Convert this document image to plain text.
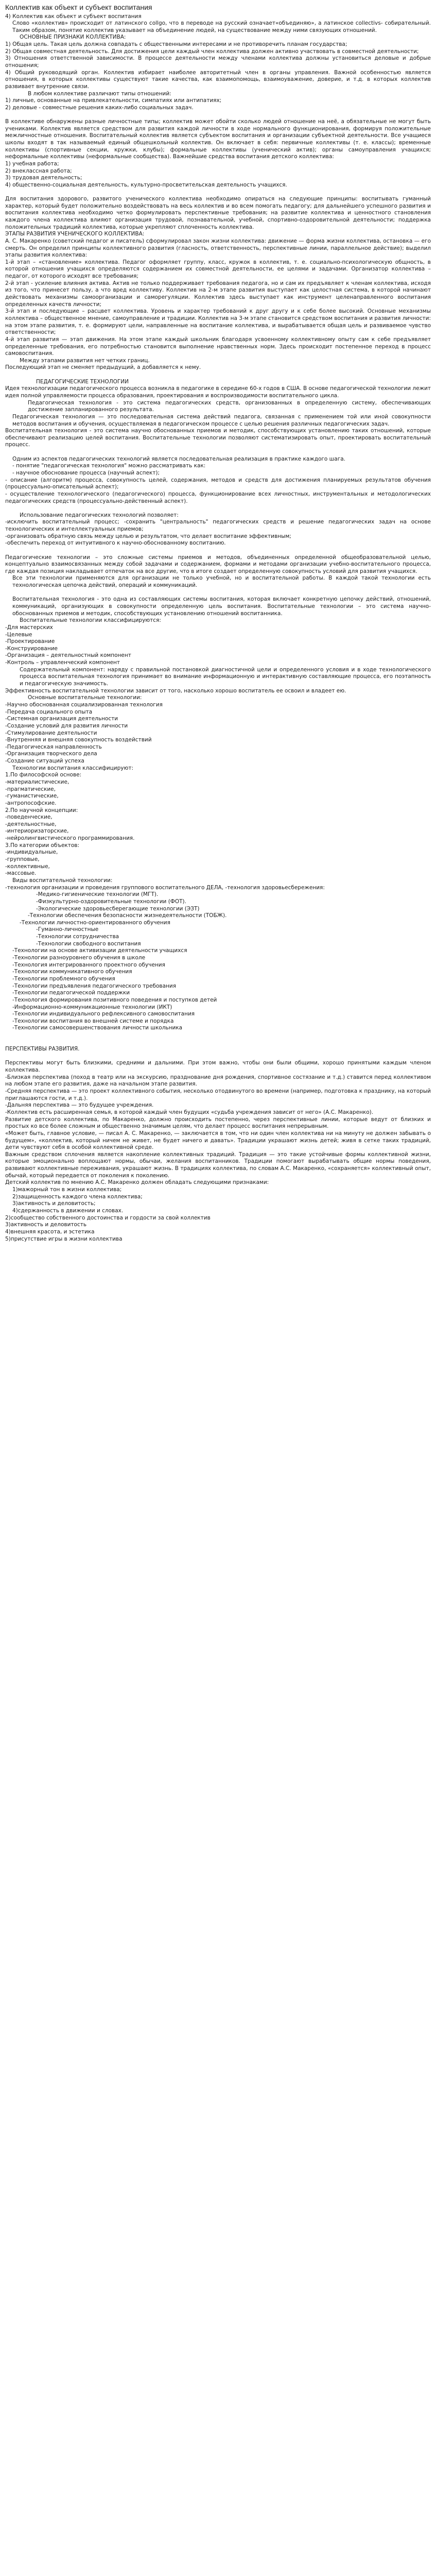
Коллектив как объект и субъект воспитания
4) Коллектив как объект и субъект воспитания
Слово «коллектив» происходит от латинского collgo, что в переводе на русский означает«объединяю», а латинское collectivs- собирательный. Таким образом, понятие коллектив указывает на объединение людей, на существование между ними связующих отношений.
ОСНОВНЫЕ ПРИЗНАКИ КОЛЛЕКТИВА:
1) Общая цель. Такая цель должна совпадать с общественными интересами и не противоречить планам государства;
2) Общая совместная деятельность. Для достижения цели каждый член коллектива должен активно участвовать в совместной деятельности;
3) Отношения ответственной зависимости. В процессе деятельности между членами коллектива должны установиться деловые и добрые отношения;
4) Общий руководящий орган. Коллектив избирает наиболее авторитетный член в органы управления. Важной особенностью является отношения, в которых коллективы существуют такие качества, как взаимопомощь, взаимоуважение, доверие, и т.д. в которых коллектив развивает внутренние связи.
В любом коллективе различают типы отношений:
1) личные, основанные на привлекательности, симпатиях или антипатиях;
2) деловые - совместные решения каких-либо социальных задач.
В коллективе обнаружены разные личностные типы; коллектив может обойти сколько людей отношение на неё, а обязательные не могут быть учениками. Коллектив является средством для развития каждой личности в ходе нормального функционирования, формируя положительные межличностные отношения. Воспитательный коллектив является субъектом воспитания и организации субъектной деятельности. Все учащиеся школы входят в так называемый единый общешкольный коллектив. Он включает в себя: первичные коллективы (т. е. классы); временные коллективы (спортивные секции, кружки, клубы); формальные коллективы (ученический актив); органы самоуправления учащихся; неформальные коллективы (неформальные сообщества). Важнейшие средства воспитания детского коллектива:
1) учебная работа;
2) внеклассная работа;
3) трудовая деятельность;
4) общественно-социальная деятельность, культурно-просветительская деятельность учащихся.
Для воспитания здорового, развитого ученического коллектива необходимо опираться на следующие принципы: воспитывать гуманный характер, который будет положительно воздействовать на весь коллектив и во всем помогать педагогу; для дальнейшего успешного развития и воспитания коллектива необходимо четко формулировать перспективные требования; на развитие коллектива и ценностного становления каждого члена коллектива влияют организация трудовой, познавательной, учебной, спортивно-оздоровительной деятельности; поддержка положительных традиций коллектива, которые укрепляют сплоченность коллектива.
ЭТАПЫ РАЗВИТИЯ УЧЕНИЧЕСКОГО КОЛЛЕКТИВА:
А. С. Макаренко (советский педагог и писатель) сформулировал закон жизни коллектива: движение — форма жизни коллектива, остановка — его смерть. Он определил принципы коллективного развития (гласность, ответственность, перспективные линии, параллельное действие); выделил этапы развития коллектива:
1-й этап – «становление» коллектива. Педагог оформляет группу, класс, кружок в коллектив, т. е. социально-психологическую общность, в которой отношения учащихся определяются содержанием их совместной деятельности, ее целями и задачами. Организатор коллектива – педагог, от которого исходят все требования;
2-й этап - усиление влияния актива. Актив не только поддерживает требования педагога, но и сам их предъявляет к членам коллектива, исходя из того, что принесет пользу, а что вред коллективу. Коллектив на 2-м этапе развития выступает как целостная система, в которой начинают действовать механизмы самоорганизации и саморегуляции. Коллектив здесь выступает как инструмент целенаправленного воспитания определенных качеств личности;
3-й этап и последующие – расцвет коллектива. Уровень и характер требований к друг другу и к себе более высокий. Основные механизмы коллектива – общественное мнение, самоуправление и традиции. Коллектив на 3-м этапе становится средством воспитания и развития личности: на этом этапе развития, т. е. формируют цели, направленные на воспитание коллектива, и вырабатывается общая цель и развиваемое чувство ответственности;
4-й этап развития — этап движения. На этом этапе каждый школьник благодаря усвоенному коллективному опыту сам к себе предъявляет определенные требования, его потребностью становится выполнение нравственных норм. Здесь происходит постепенное переход в процесс самовоспитания.
Между этапами развития нет четких границ.
Последующий этап не сменяет предыдущий, а добавляется к нему.
ПЕДАГОГИЧЕСКИЕ ТЕХНОЛОГИИ
Идея технологизации педагогического процесса возникла в педагогике в середине 60-х годов в США. В основе педагогической технологии лежит идея полной управляемости процесса образования, проектирования и воспроизводимости воспитательного цикла.
Педагогическая технология - это система педагогических средств, организованных в определенную систему, обеспечивающих достижение запланированного результата.
Педагогическая технология — это последовательная система действий педагога, связанная с применением той или иной совокупности методов воспитания и обучения, осуществляемая в педагогическом процессе с целью решения различных педагогических задач.
Воспитательная технология - это система научно обоснованных приемов и методик, способствующих установлению таких отношений, которые обеспечивают реализацию целей воспитания. Воспитательные технологии позволяют систематизировать опыт, проектировать воспитательный процесс.
Одним из аспектов педагогических технологий является последовательная реализация в практике каждого шага.
- понятие "педагогическая технология" можно рассматривать как:
- научное обоснование процесса (научный аспект);
- описание (алгоритм) процесса, совокупность целей, содержания, методов и средств для достижения планируемых результатов обучения (процессуально-описательный аспект);
- осуществление технологического (педагогического) процесса, функционирование всех личностных, инструментальных и методологических педагогических средств (процессуально-действенный аспект).
Использование педагогических технологий позволяет:
-исключить воспитательный процесс; -сохранить "центральность" педагогических средств и решение педагогических задач на основе технологических и интеллектуальных приемов;
-организовать обратную связь между целью и результатом, что делает воспитание эффективным;
-обеспечить переход от интуитивного к научно-обоснованному воспитанию.
Педагогические технологии – это сложные системы приемов и методов, объединенных определенной общеобразовательной целью, концептуально взаимосвязанных между собой задачами и содержанием, формами и методами организации учебно-воспитательного процесса, где каждая позиция накладывает отпечаток на все другие, что в итоге создает определенную совокупность условий для развития учащихся.
Все эти технологии применяются для организации не только учебной, но и воспитательной работы. В каждой такой технологии есть технологическая цепочка действий, операций и коммуникаций.
Воспитательная технология - это одна из составляющих системы воспитания, которая включает конкретную цепочку действий, отношений, коммуникаций, организующих в совокупности определенную цель воспитания. Воспитательные технологии – это система научно-обоснованных приемов и методик, способствующих установлению отношений воспитанника.
Воспитательные технологии классифицируются:
-Для мастерских
-Целевые
-Проектирование
-Конструирование
-Организация – деятельностный компонент
-Контроль – управленческий компонент
Содержательный компонент: наряду с правильной постановкой диагностичной цели и определенного условия и в ходе технологического процесса воспитательная технология принимает во внимание информационную и интерактивную составляющие процесса, его поэтапность и педагогическую значимость.
Эффективность воспитательной технологии зависит от того, насколько хорошо воспитатель ее освоил и владеет ею.
Основные воспитательные технологии:
-Научно обоснованная социализированная технология
-Передача социального опыта
-Системная организация деятельности
-Создание условий для развития личности
-Стимулирование деятельности
-Внутренняя и внешняя совокупность воздействий
-Педагогическая направленность
-Организация творческого дела
-Создание ситуаций успеха
Технологии воспитания классифицируют:
1.По философской основе:
-материалистические,
-прагматические,
-гуманистические,
-антропософские.
2.По научной концепции:
-поведенческие,
-деятельностные,
-интериоризаторские,
-нейролингвистического программирования.
3.По категории объектов:
-индивидуальные,
-групповые,
-коллективные,
-массовые.
Виды воспитательной технологии:
-технология организации и проведения группового воспитательного ДЕЛА, -технология здоровьесбережения:
-Медико-гигиенические технологии (МГТ).
-Физкультурно-оздоровительные технологии (ФОТ).
-Экологические здоровьесберегающие технологии (ЭЗТ)
-Технологии обеспечения безопасности жизнедеятельности (ТОБЖ).
-Технологии личностно-ориентированного обучения
-Гуманно-личностные
-Технологии сотрудничества
-Технологии свободного воспитания
-Технологии на основе активизации деятельности учащихся
-Технологии разноуровнего обучения в школе
-Технология интегрированного проектного обучения
-Технологии коммуникативного обучения
-Технологии проблемного обучения
-Технологии предъявления педагогического требования
-Технологии педагогической поддержки
-Технология формирования позитивного поведения и поступков детей
-Информационно-коммуникационные технологии (ИКТ)
-Технологии индивидуального рефлексивного самовоспитания
-Технологии воспитания во внешней системе и порядка
-Технологии самосовершенствования личности школьника
ПЕРСПЕКТИВЫ РАЗВИТИЯ.
Перспективы могут быть близкими, средними и дальними. При этом важно, чтобы они были общими, хорошо принятыми каждым членом коллектива.
-Близкая перспектива (поход в театр или на экскурсию, празднование дня рождения, спортивное состязание и т.д.) ставится перед коллективом на любом этапе его развития, даже на начальном этапе развития.
-Средняя перспектива — это проект коллективного события, несколько отодвинутого во времени (например, подготовка к празднику, на который приглашаются гости, и т.д.).
-Дальняя перспектива — это будущее учреждения.
-Коллектив есть расширенная семья, в которой каждый член будущих «судьба учреждения зависит от него» (А.С. Макаренко).
Развитие детского коллектива, по Макаренко, должно происходить постепенно, через перспективные линии, которые ведут от близких и простых ко все более сложным и общественно значимым целям, что делает процесс воспитания непрерывным.
«Может быть, главное условие, — писал А. С. Макаренко, — заключается в том, что ни один член коллектива ни на минуту не должен забывать о будущем», «коллектив, который ничем не живет, не будет ничего и давать». Традиции украшают жизнь детей; живя в сетке таких традиций, дети чувствуют себя в особой коллективной среде.
Важным средством сплочения является накопление коллективных традиций. Традиция — это такие устойчивые формы коллективной жизни, которые эмоционально воплощают нормы, обычаи, желания воспитанников. Традиции помогают вырабатывать общие нормы поведения, развивают коллективные переживания, украшают жизнь. В традициях коллектива, по словам А.С. Макаренко, «сохраняется» коллективный опыт, обычай, который передается от поколения к поколению.
Детский коллектив по мнению А.С. Макаренко должен обладать следующими признаками:
1)мажорный тон в жизни коллектива;
2)защищенность каждого члена коллектива;
3)активность и деловитость;
4)сдержанность в движении и словах.
2)сообщество собственного достоинства и гордости за свой коллектив
3)активность и деловитость
4)внешняя красота, и эстетика
5)присутствие игры в жизни коллектива
